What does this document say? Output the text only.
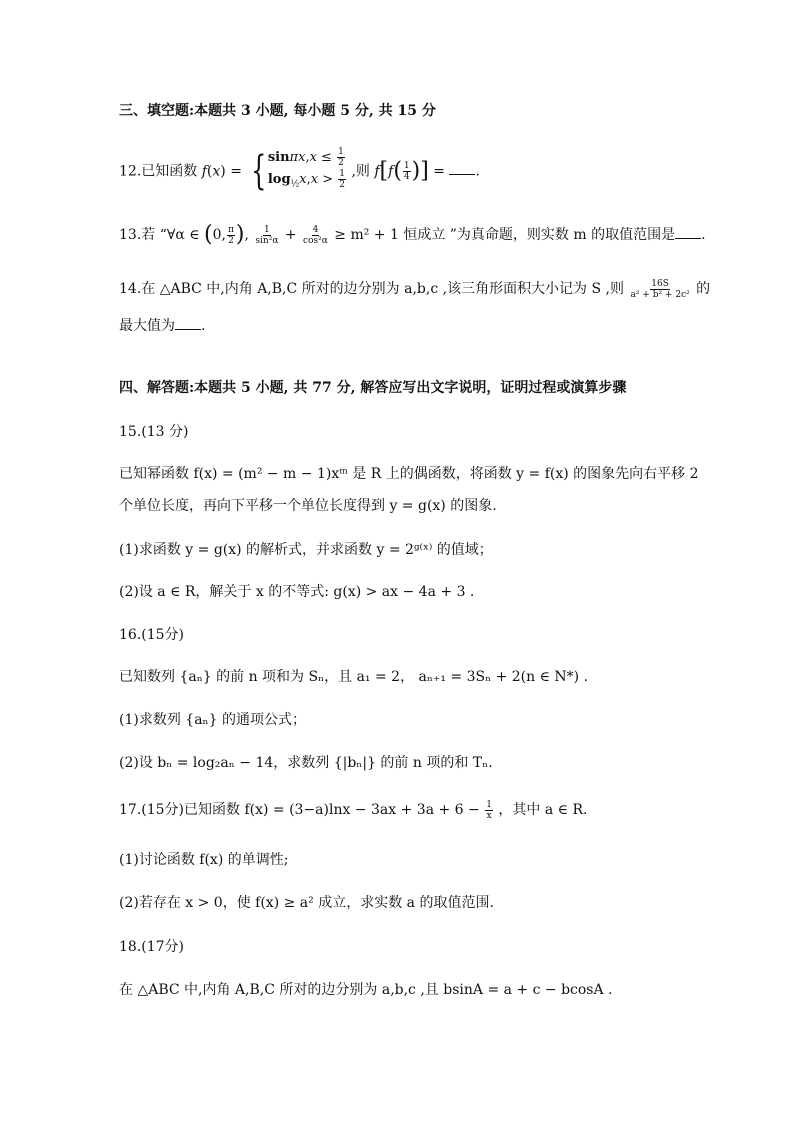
三、填空题:本题共 3 小题, 每小题 5 分, 共 15 分
12.已知函数 f(x) = { $\sin\pi x,x \le \frac{1}{2}$
$\log_{\frac{1}{2}}x,x > \frac{1}{2}$ ,则 $f[f( \frac{1}{4}$ )] = .
13.若 “∀α ∈ (0, $\frac{\pi}{2}$ ), $\frac{1}{\text{sin²α}} + \frac{4}{\text{cos²α}} \ge m^2 + 1$ 恒成立 ”为真命题，则实数 m 的取值范围是 .
14.在 △ABC 中,内角 A,B,C 所对的边分别为 a,b,c ,该三角形面积大小记为 S ,则 $\frac{16S}{\text{a² + b² + 2c²}}$ 的
最大值为 .
四、解答题:本题共 5 小题, 共 77 分, 解答应写出文字说明，证明过程或演算步骤
15.(13 分)
已知幂函数 f(x) = (m² − m − 1)xᵐ 是 R 上的偶函数，将函数 y = f(x) 的图象先向右平移 2
个单位长度，再向下平移一个单位长度得到 y = g(x) 的图象.
(1)求函数 y = g(x) 的解析式，并求函数 y = 2ᵍ⁽ˣ⁾ 的值域；
(2)设 a ∈ R，解关于 x 的不等式: g(x) > ax − 4a + 3 .
16.(15分)
已知数列 {aₙ} 的前 n 项和为 Sₙ，且 a₁ = 2， aₙ₊₁ = 3Sₙ + 2(n ∈ N*) .
(1)求数列 {aₙ} 的通项公式；
(2)设 bₙ = log₂aₙ − 14，求数列 {|bₙ|} 的前 n 项的和 Tₙ.
17.(15分)已知函数 $f(x) = (3-a)\ln x - 3ax + 3a + 6 - \frac{1}{x}$ ，其中 a ∈ R.
(1)讨论函数 f(x) 的单调性;
(2)若存在 x > 0，使 f(x) ≥ a² 成立，求实数 a 的取值范围.
18.(17分)
在 △ABC 中,内角 A,B,C 所对的边分别为 a,b,c ,且 bsinA = a + c − bcosA .
